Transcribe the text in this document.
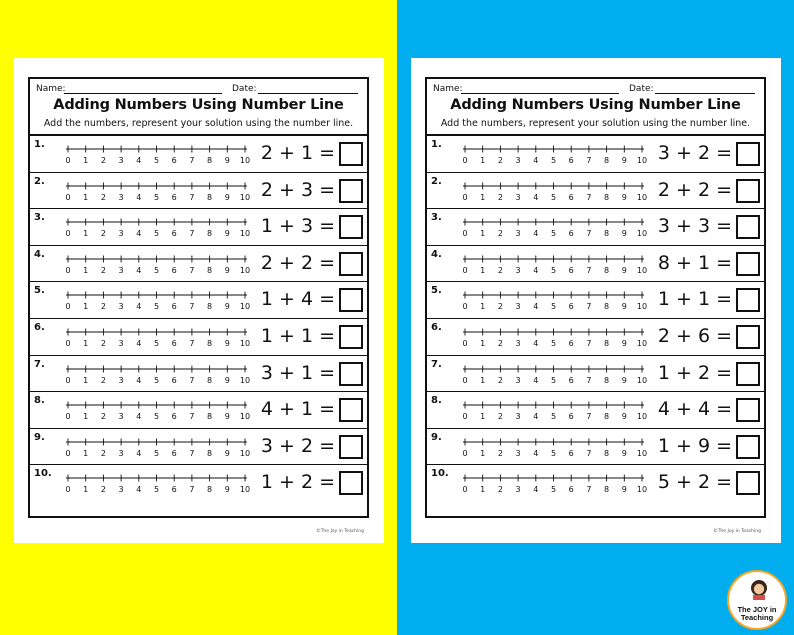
Name:	Date:
Adding Numbers Using Number Line
Add the numbers, represent your solution using the number line.
1.
0 1 2 3 4 5 6 7 8 9 10 2 + 1 =
2.
0 1 2 3 4 5 6 7 8 9 10 2 + 3 =
3.
0 1 2 3 4 5 6 7 8 9 10 1 + 3 =
4.
0 1 2 3 4 5 6 7 8 9 10 2 + 2 =
5.
0 1 2 3 4 5 6 7 8 9 10 1 + 4 =
6.
0 1 2 3 4 5 6 7 8 9 10 1 + 1 =
7.
0 1 2 3 4 5 6 7 8 9 10 3 + 1 =
8.
0 1 2 3 4 5 6 7 8 9 10 4 + 1 =
9.
0 1 2 3 4 5 6 7 8 9 10 3 + 2 =
10.
0 1 2 3 4 5 6 7 8 9 10 1 + 2 =
©The Joy in Teaching
Name:	Date:
Adding Numbers Using Number Line
Add the numbers, represent your solution using the number line.
1.
0 1 2 3 4 5 6 7 8 9 10 3 + 2 =
2.
0 1 2 3 4 5 6 7 8 9 10 2 + 2 =
3.
0 1 2 3 4 5 6 7 8 9 10 3 + 3 =
4.
0 1 2 3 4 5 6 7 8 9 10 8 + 1 =
5.
0 1 2 3 4 5 6 7 8 9 10 1 + 1 =
6.
0 1 2 3 4 5 6 7 8 9 10 2 + 6 =
7.
0 1 2 3 4 5 6 7 8 9 10 1 + 2 =
8.
0 1 2 3 4 5 6 7 8 9 10 4 + 4 =
9.
0 1 2 3 4 5 6 7 8 9 10 1 + 9 =
10.
0 1 2 3 4 5 6 7 8 9 10 5 + 2 =
©The Joy in Teaching
The JOY in
Teaching
